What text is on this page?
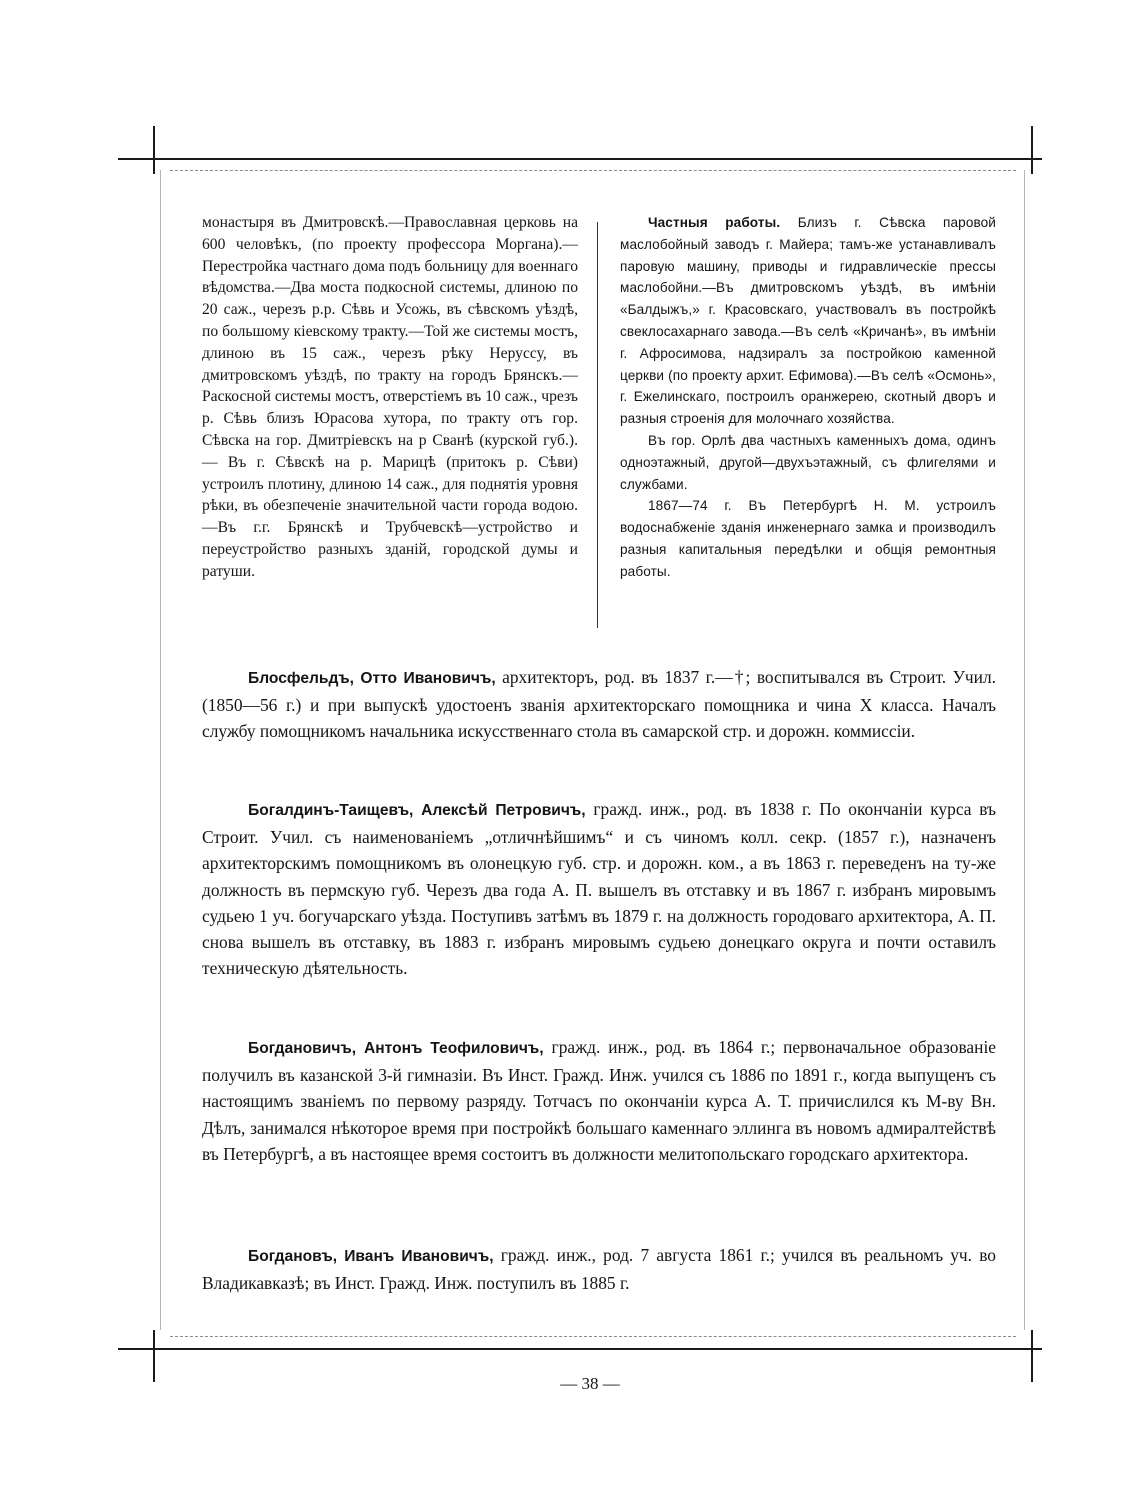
монастыря въ Дмитровскѣ.—Православная церковь на 600 человѣкъ, (по проекту профессора Моргана).—Перестройка частнаго дома подъ больницу для военнаго вѣдомства.—Два моста подкосной системы, длиною по 20 саж., черезъ р.р. Сѣвь и Усожь, въ сѣвскомъ уѣздѣ, по большому кіевскому тракту.—Той же системы мостъ, длиною въ 15 саж., черезъ рѣку Неруссу, въ дмитровскомъ уѣздѣ, по тракту на городъ Брянскъ.—Раскосной системы мостъ, отверстіемъ въ 10 саж., чрезъ р. Сѣвь близъ Юрасова хутора, по тракту отъ гор. Сѣвска на гор. Дмитріевскъ на р Сванѣ (курской губ.).— Въ г. Сѣвскѣ на р. Марицѣ (притокъ р. Сѣви) устроилъ плотину, длиною 14 саж., для поднятія уровня рѣки, въ обезпеченіе значительной части города водою.—Въ г.г. Брянскѣ и Трубчевскѣ—устройство и переустройство разныхъ зданій, городской думы и ратуши.

Частныя работы. Близъ г. Сѣвска паровой маслобойный заводъ г. Майера; тамъ-же устанавливалъ паровую машину, приводы и гидравлическіе прессы маслобойни.—Въ дмитровскомъ уѣздѣ, въ имѣніи «Балдыжъ,» г. Красовскаго, участвовалъ въ постройкѣ свеклосахарнаго завода.—Въ селѣ «Кричанѣ», въ имѣніи г. Афросимова, надзиралъ за постройкою каменной церкви (по проекту архит. Ефимова).—Въ селѣ «Осмонь», г. Ежелинскаго, построилъ оранжерею, скотный дворъ и разныя строенія для молочнаго хозяйства.

Въ гор. Орлѣ два частныхъ каменныхъ дома, одинъ одноэтажный, другой—двухъэтажный, съ флигелями и службами.

1867—74 г. Въ Петербургѣ Н. М. устроилъ водоснабженіе зданія инженернаго замка и производилъ разныя капитальныя передѣлки и общія ремонтныя работы.

Блосфельдъ, Отто Ивановичъ, архитекторъ, род. въ 1837 г.—†; воспитывался въ Строит. Учил. (1850—56 г.) и при выпускѣ удостоенъ званія архитекторскаго помощника и чина X класса. Началъ службу помощникомъ начальника искусственнаго стола въ самарской стр. и дорожн. коммиссіи.

Богалдинъ-Таищевъ, Алексѣй Петровичъ, гражд. инж., род. въ 1838 г. По окончаніи курса въ Строит. Учил. съ наименованіемъ „отличнѣйшимъ“ и съ чиномъ колл. секр. (1857 г.), назначенъ архитекторскимъ помощникомъ въ олонецкую губ. стр. и дорожн. ком., а въ 1863 г. переведенъ на ту-же должность въ пермскую губ. Черезъ два года А. П. вышелъ въ отставку и въ 1867 г. избранъ мировымъ судьею 1 уч. богучарскаго уѣзда. Поступивъ затѣмъ въ 1879 г. на должность городоваго архитектора, А. П. снова вышелъ въ отставку, въ 1883 г. избранъ мировымъ судьею донецкаго округа и почти оставилъ техническую дѣятельность.

Богдановичъ, Антонъ Теофиловичъ, гражд. инж., род. въ 1864 г.; первоначальное образованіе получилъ въ казанской 3-й гимназіи. Въ Инст. Гражд. Инж. учился съ 1886 по 1891 г., когда выпущенъ съ настоящимъ званіемъ по первому разряду. Тотчасъ по окончаніи курса А. Т. причислился къ М-ву Вн. Дѣлъ, занимался нѣкоторое время при постройкѣ большаго каменнаго эллинга въ новомъ адмиралтействѣ въ Петербургѣ, а въ настоящее время состоитъ въ должности мелитопольскаго городскаго архитектора.

Богдановъ, Иванъ Ивановичъ, гражд. инж., род. 7 августа 1861 г.; учился въ реальномъ уч. во Владикавказѣ; въ Инст. Гражд. Инж. поступилъ въ 1885 г.

— 38 —
